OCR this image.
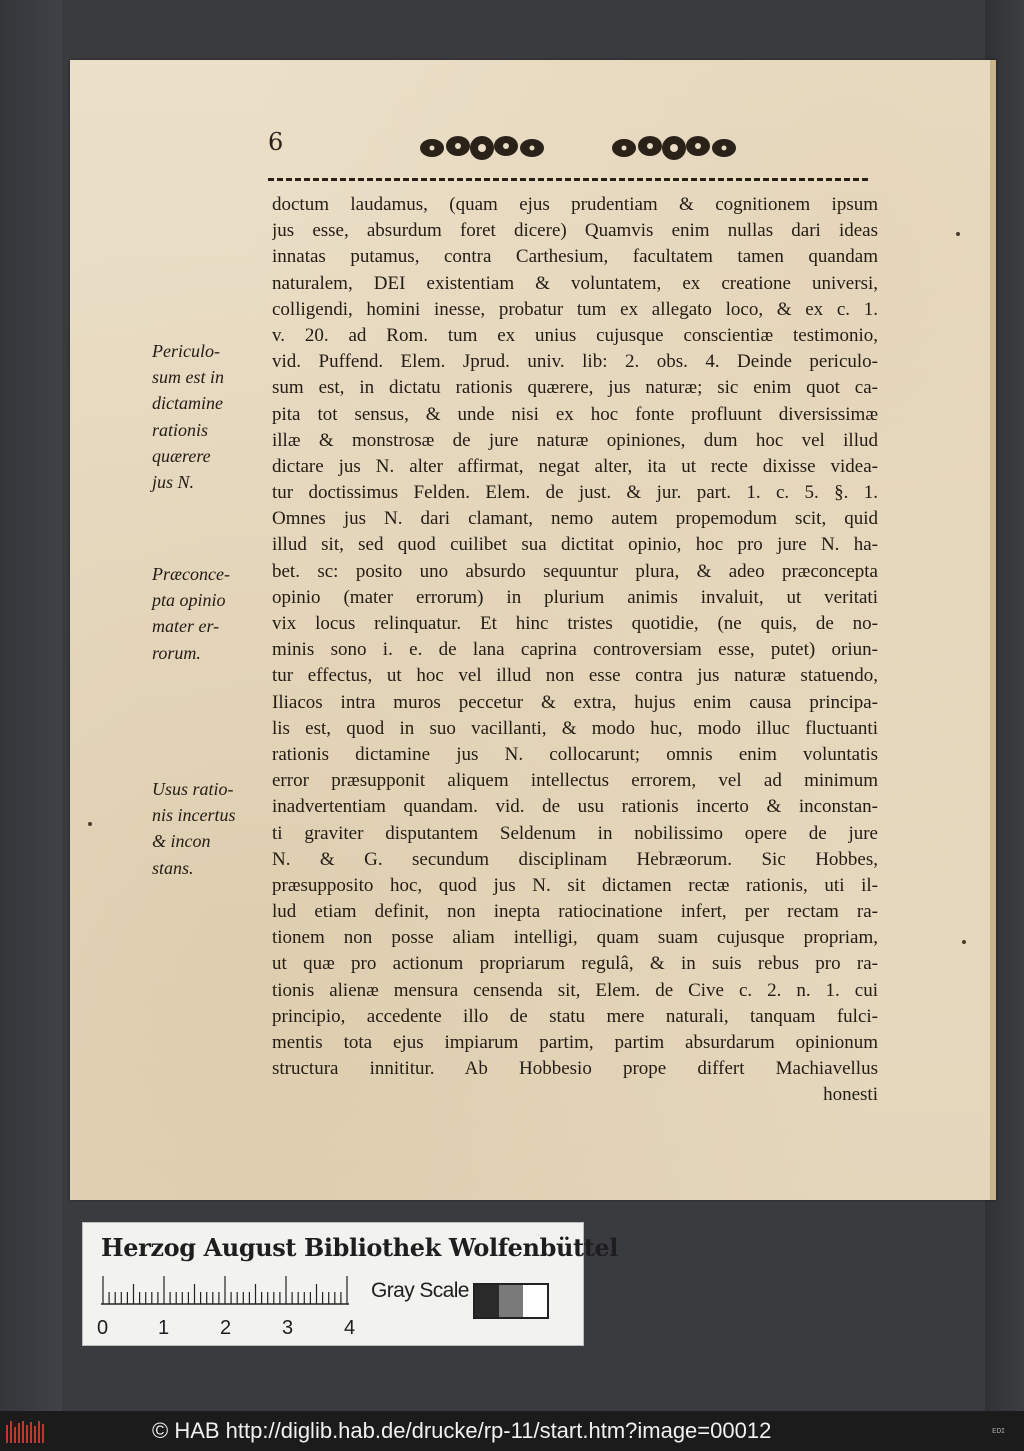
6
doctum laudamus, (quam ejus prudentiam & cognitionem ipsum
jus esse, absurdum foret dicere) Quamvis enim nullas dari ideas
innatas putamus, contra Carthesium, facultatem tamen quandam
naturalem, DEI existentiam & voluntatem, ex creatione universi,
colligendi, homini inesse, probatur tum ex allegato loco, & ex c. 1.
v. 20. ad Rom. tum ex unius cujusque conscientiæ testimonio,
vid. Puffend. Elem. Jprud. univ. lib: 2. obs. 4. Deinde periculo-
sum est, in dictatu rationis quærere, jus naturæ; sic enim quot ca-
pita tot sensus, & unde nisi ex hoc fonte profluunt diversissimæ
illæ & monstrosæ de jure naturæ opiniones, dum hoc vel illud
dictare jus N. alter affirmat, negat alter, ita ut recte dixisse videa-
tur doctissimus Felden. Elem. de just. & jur. part. 1. c. 5. §. 1.
Omnes jus N. dari clamant, nemo autem propemodum scit, quid
illud sit, sed quod cuilibet sua dictitat opinio, hoc pro jure N. ha-
bet. sc: posito uno absurdo sequuntur plura, & adeo præconcepta
opinio (mater errorum) in plurium animis invaluit, ut veritati
vix locus relinquatur. Et hinc tristes quotidie, (ne quis, de no-
minis sono i. e. de lana caprina controversiam esse, putet) oriun-
tur effectus, ut hoc vel illud non esse contra jus naturæ statuendo,
Iliacos intra muros peccetur & extra, hujus enim causa principa-
lis est, quod in suo vacillanti, & modo huc, modo illuc fluctuanti
rationis dictamine jus N. collocarunt; omnis enim voluntatis
error præsupponit aliquem intellectus errorem, vel ad minimum
inadvertentiam quandam. vid. de usu rationis incerto & inconstan-
ti graviter disputantem Seldenum in nobilissimo opere de jure
N. & G. secundum disciplinam Hebræorum. Sic Hobbes,
præsupposito hoc, quod jus N. sit dictamen rectæ rationis, uti il-
lud etiam definit, non inepta ratiocinatione infert, per rectam ra-
tionem non posse aliam intelligi, quam suam cujusque propriam,
ut quæ pro actionum propriarum regulâ, & in suis rebus pro ra-
tionis alienæ mensura censenda sit, Elem. de Cive c. 2. n. 1. cui
principio, accedente illo de statu mere naturali, tanquam fulci-
mentis tota ejus impiarum partim, partim absurdarum opinionum
structura innititur. Ab Hobbesio prope differt Machiavellus
honesti
Periculo-
sum est in
dictamine
rationis
quærere
jus N.
Præconce-
pta opinio
mater er-
rorum.
Usus ratio-
nis incertus
& incon
stans.
Herzog August Bibliothek Wolfenbüttel
0 1	2	3	4
Gray Scale
© HAB http://diglib.hab.de/drucke/rp-11/start.htm?image=00012	ᴇᴅɪ
